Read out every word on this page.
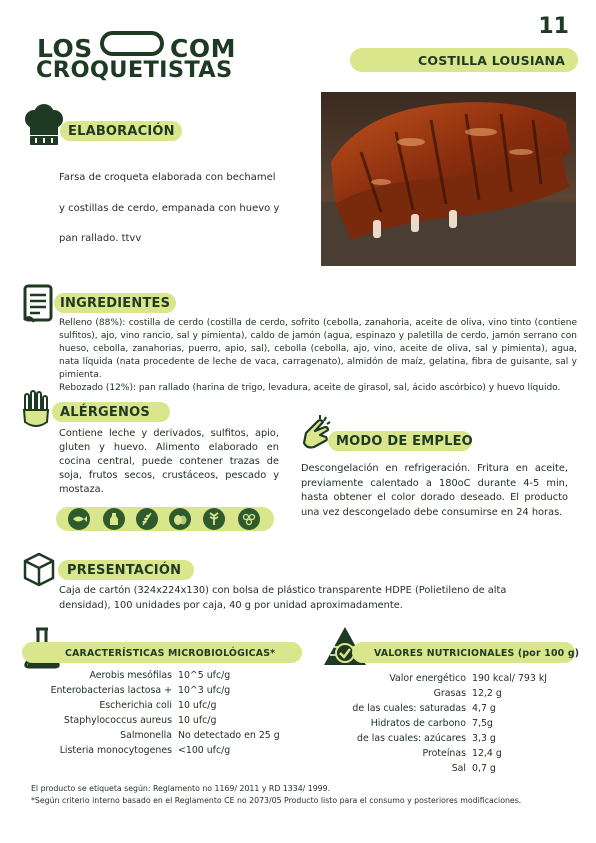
LOS	COM
CROQUETISTAS
11
COSTILLA LOUSIANA
ELABORACIÓN
Farsa de croqueta elaborada con bechamel
y costillas de cerdo, empanada con huevo y
pan rallado. ttvv
INGREDIENTES
Relleno (88%): costilla de cerdo (costilla de cerdo, sofrito (cebolla, zanahoria, aceite de oliva, vino tinto (contiene sulfitos), ajo, vino rancio, sal y pimienta), caldo de jamón (agua, espinazo y paletilla de cerdo, jamón serrano con hueso, cebolla, zanahorias, puerro, apio, sal), cebolla (cebolla, ajo, vino, aceite de oliva, sal y pimienta), agua, nata líquida (nata procedente de leche de vaca, carragenato), almidón de maíz, gelatina, fibra de guisante, sal y pimienta.
Rebozado (12%): pan rallado (harina de trigo, levadura, aceite de girasol, sal, ácido ascórbico) y huevo líquido.
ALÉRGENOS
Contiene leche y derivados, sulfitos, apio, gluten y huevo. Alimento elaborado en cocina central, puede contener trazas de soja, frutos secos, crustáceos, pescado y mostaza.
MODO DE EMPLEO
Descongelación en refrigeración. Fritura en aceite, previamente calentado a 180oC durante 4-5 min, hasta obtener el color dorado deseado. El producto una vez descongelado debe consumirse en 24 horas.
PRESENTACIÓN
Caja de cartón (324x224x130) con bolsa de plástico transparente HDPE (Polietileno de alta densidad), 100 unidades por caja, 40 g por unidad aproximadamente.
CARACTERÍSTICAS MICROBIOLÓGICAS*
Aerobis mesófilas 10^5 ufc/g
Enterobacterias lactosa + 10^3 ufc/g
Escherichia coli 10 ufc/g
Staphylococcus aureus 10 ufc/g
Salmonella No detectado en 25 g
Listeria monocytogenes <100 ufc/g
VALORES NUTRICIONALES (por 100 g)
Valor energético 190 kcal/ 793 kJ
Grasas 12,2 g
de las cuales: saturadas 4,7 g
Hidratos de carbono 7,5g
de las cuales: azúcares 3,3 g
Proteínas 12,4 g
Sal 0,7 g
El producto se etiqueta según: Reglamento no 1169/ 2011 y RD 1334/ 1999.
*Según criterio interno basado en el Reglamento CE no 2073/05 Producto listo para el consumo y posteriores modificaciones.
